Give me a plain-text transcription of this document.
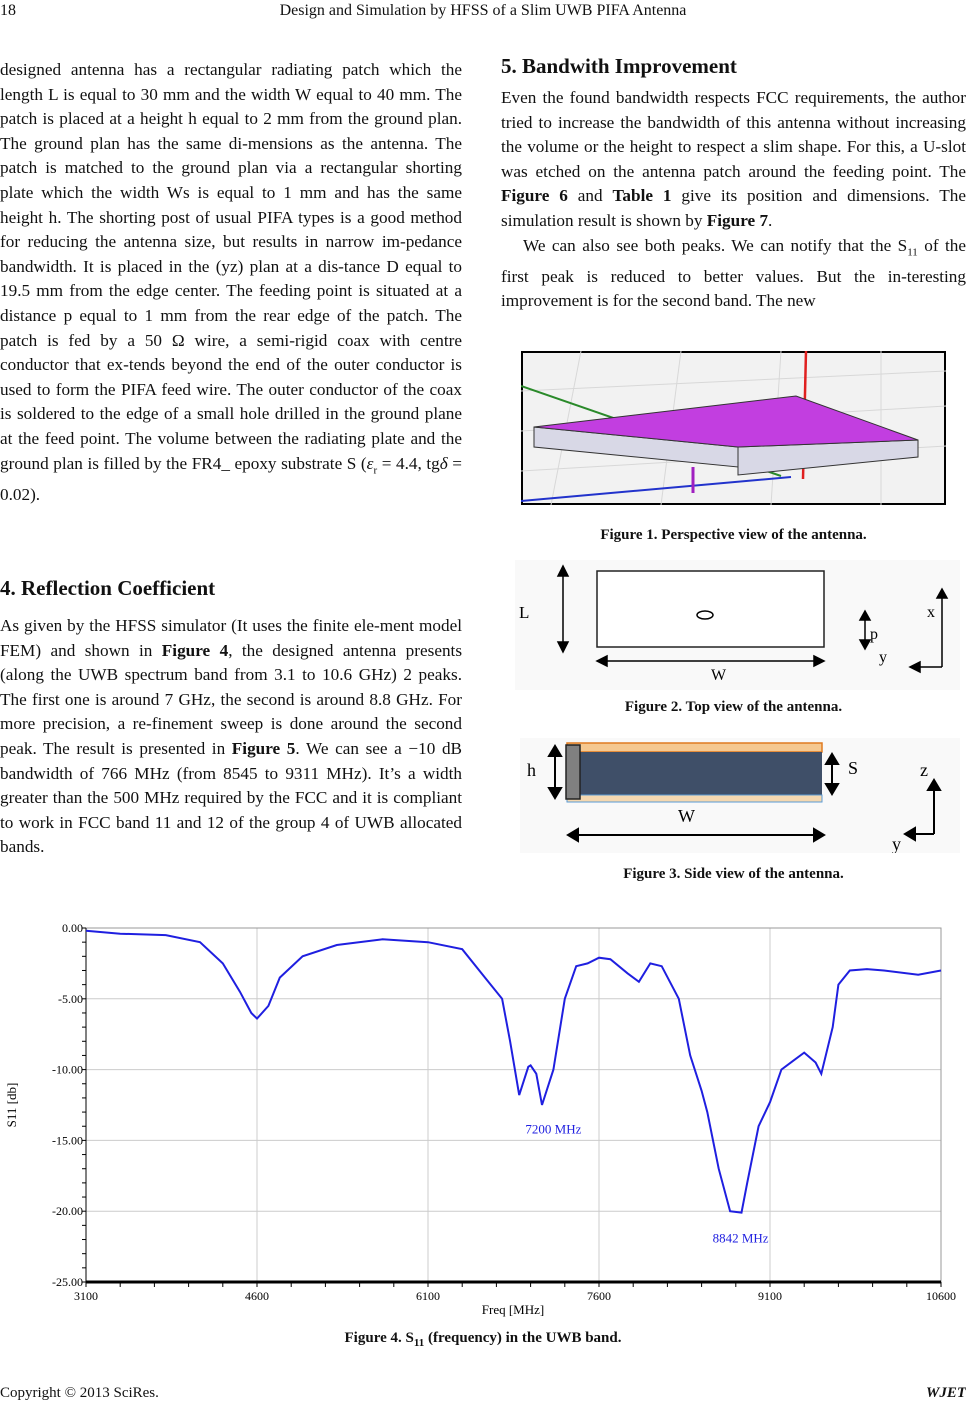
18	Design and Simulation by HFSS of a Slim UWB PIFA Antenna

designed antenna has a rectangular radiating patch which the length L is equal to 30 mm and the width W equal to 40 mm. The patch is placed at a height h equal to 2 mm from the ground plan. The ground plan has the same di-mensions as the antenna. The patch is matched to the ground plan via a rectangular shorting plate which the width Ws is equal to 1 mm and has the same height h. The shorting post of usual PIFA types is a good method for reducing the antenna size, but results in narrow im-pedance bandwidth. It is placed in the (yz) plan at a dis-tance D equal to 19.5 mm from the edge center. The feeding point is situated at a distance p equal to 1 mm from the rear edge of the patch. The patch is fed by a 50 Ω wire, a semi-rigid coax with centre conductor that ex-tends beyond the end of the outer conductor is used to form the PIFA feed wire. The outer conductor of the coax is soldered to the edge of a small hole drilled in the ground plane at the feed point. The volume between the radiating plate and the ground plan is filled by the FR4_ epoxy substrate S ($\varepsilon_r = 4.4$, tgδ = 0.02).

4. Reflection Coefficient

As given by the HFSS simulator (It uses the finite ele-ment model FEM) and shown in Figure 4, the designed antenna presents (along the UWB spectrum band from 3.1 to 10.6 GHz) 2 peaks. The first one is around 7 GHz, the second is around 8.8 GHz. For more precision, a re-finement sweep is done around the second peak. The result is presented in Figure 5. We can see a −10 dB bandwidth of 766 MHz (from 8545 to 9311 MHz). It’s a width greater than the 500 MHz required by the FCC and it is compliant to work in FCC band 11 and 12 of the group 4 of UWB allocated bands.

5. Bandwith Improvement

Even the found bandwidth respects FCC requirements, the author tried to increase the bandwidth of this antenna without increasing the volume or the height to respect a slim shape. For this, a U-slot was etched on the antenna patch around the feeding point. The Figure 6 and Table 1 give its position and dimensions. The simulation result is shown by Figure 7.

We can also see both peaks. We can notify that the $S_{11}$ of the first peak is reduced to better values. But the in-teresting improvement is for the second band. The new

Figure 1. Perspective view of the antenna.
L
W
p
x
y
Figure 2. Top view of the antenna.
h	S
W
z
y
Figure 3. Side view of the antenna.
3100	4600	6100	7600	9100	10600
0.00
-5.00
-10.00
-15.00
-20.00
-25.00
7200 MHz
8842 MHz
Freq [MHz]
S11 [db]
Figure 4. $S_{11}$ (frequency) in the UWB band.
Copyright © 2013 SciRes.	WJET
